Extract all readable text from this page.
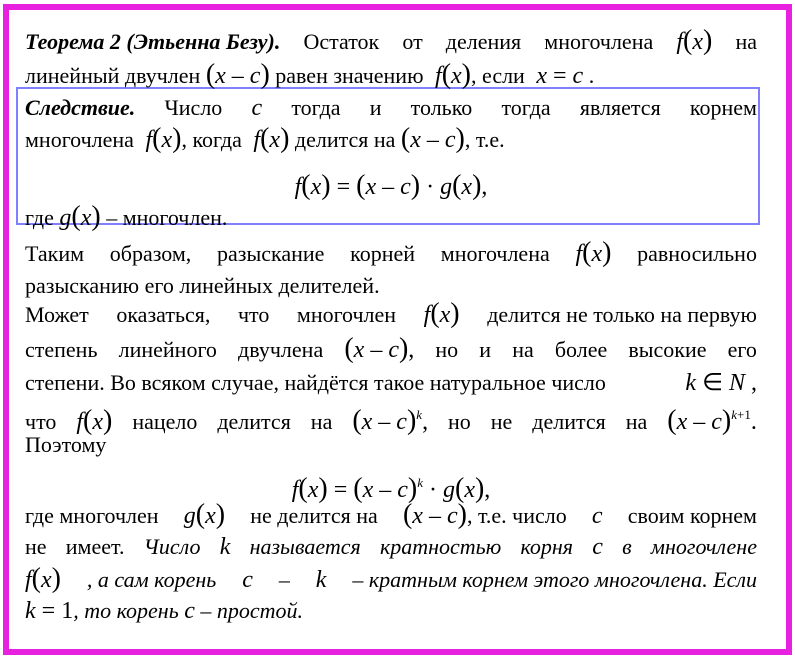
Теорема 2 (Этьенна Безу). Остаток от деления многочлена f(x) на
линейный двучлен (x – c) равен значению  f(x), если  x = c .
Следствие. Число c тогда и только тогда является корнем
многочлена  f(x), когда  f(x) делится на (x – c), т.е.
f(x) = (x – c) · g(x),
где g(x) – многочлен.
Таким образом, разыскание корней многочлена f(x) равносильно
разысканию его линейных делителей.
Может оказаться, что многочлен f(x) делится не только на первую
степень линейного двучлена (x – c), но и на более высокие его
степени. Во всяком случае, найдётся такое натуральное число	k ∈ N ,
что f(x) нацело делится на (x – c)$^k$, но не делится на (x – c)$^{k+1}$.
Поэтому
f(x) = (x – c)$^k$ · g(x),
где многочлен g(x) не делится на (x – c), т.е. число c своим корнем
не имеет. Число k называется кратностью корня c в многочлене
f(x) , а сам корень c – k – кратным корнем этого многочлена. Если
k = 1, то корень c – простой.
